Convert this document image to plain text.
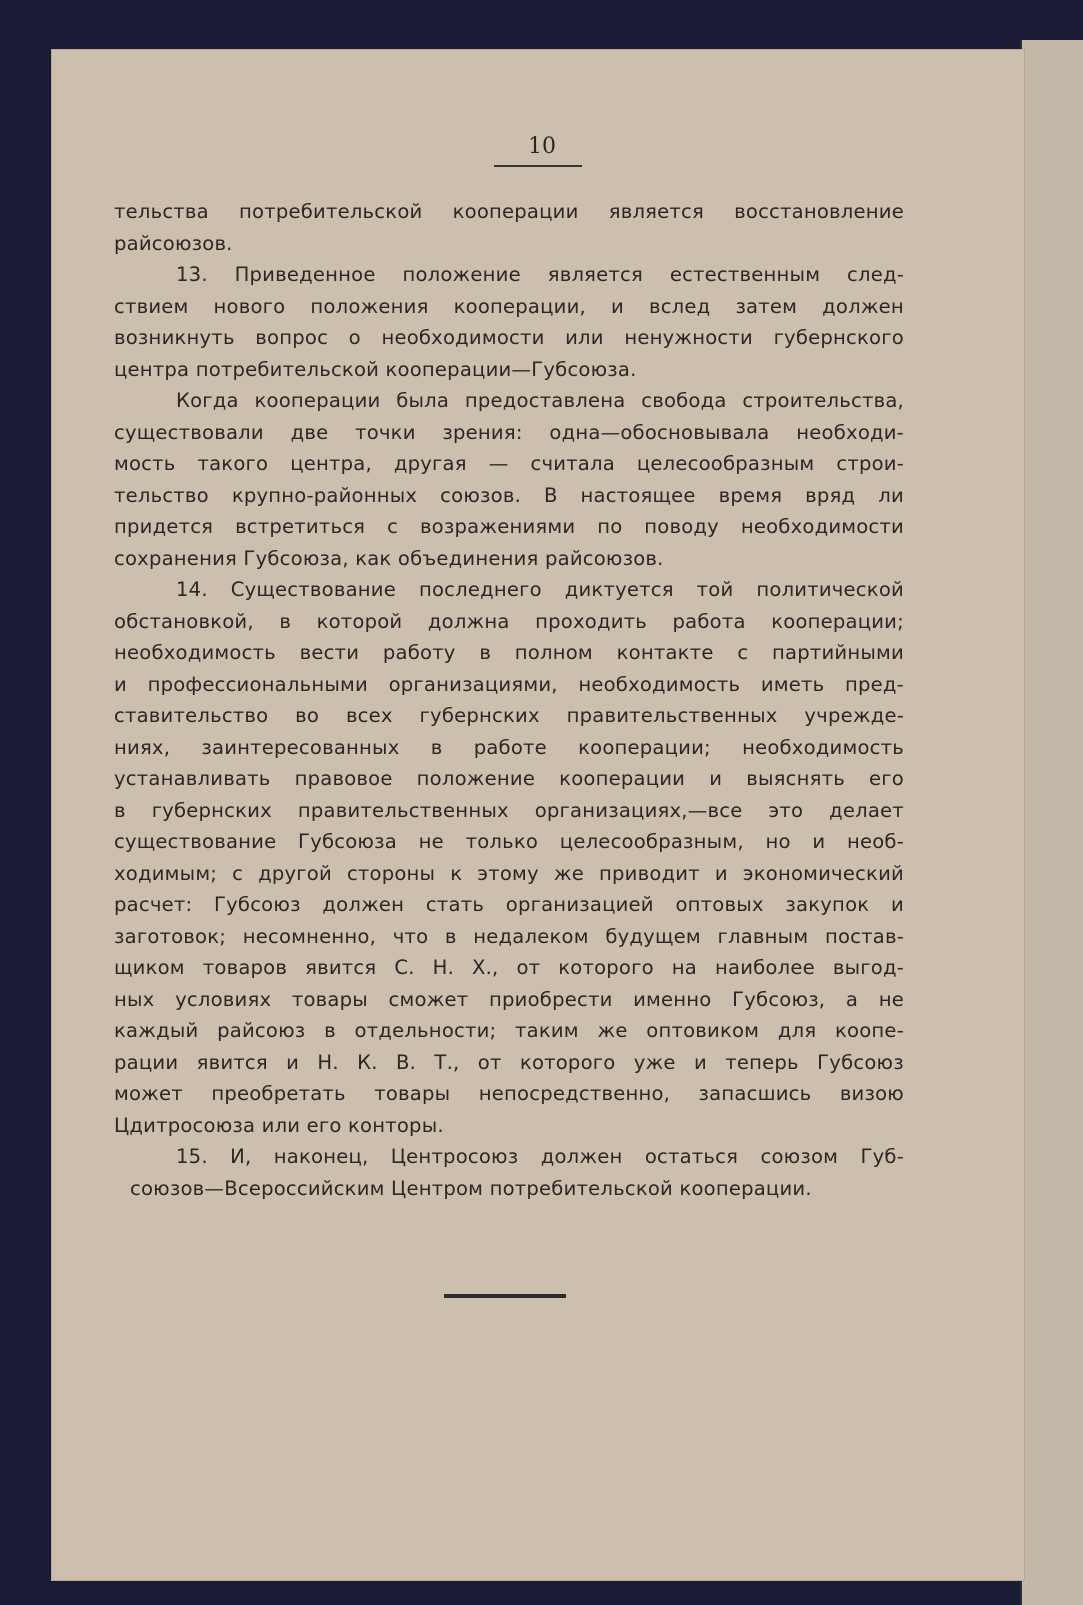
10
тельства потребительской кооперации является восстановление
райсоюзов.
13. Приведенное положение является естественным след-
ствием нового положения кооперации, и вслед затем должен
возникнуть вопрос о необходимости или ненужности губернского
центра потребительской кооперации—Губсоюза.
Когда кооперации была предоставлена свобода строительства,
существовали две точки зрения: одна—обосновывала необходи-
мость такого центра, другая — считала целесообразным строи-
тельство крупно-районных союзов. В настоящее время вряд ли
придется встретиться с возражениями по поводу необходимости
сохранения Губсоюза, как объединения райсоюзов.
14. Существование последнего диктуется той политической
обстановкой, в которой должна проходить работа кооперации;
необходимость вести работу в полном контакте с партийными
и профессиональными организациями, необходимость иметь пред-
ставительство во всех губернских правительственных учрежде-
ниях, заинтересованных в работе кооперации; необходимость
устанавливать правовое положение кооперации и выяснять его
в губернских правительственных организациях,—все это делает
существование Губсоюза не только целесообразным, но и необ-
ходимым; с другой стороны к этому же приводит и экономический
расчет: Губсоюз должен стать организацией оптовых закупок и
заготовок; несомненно, что в недалеком будущем главным постав-
щиком товаров явится С. Н. Х., от которого на наиболее выгод-
ных условиях товары сможет приобрести именно Губсоюз, а не
каждый райсоюз в отдельности; таким же оптовиком для коопе-
рации явится и Н. К. В. Т., от которого уже и теперь Губсоюз
может преобретать товары непосредственно, запасшись визою
Цдитросоюза или его конторы.
15. И, наконец, Центросоюз должен остаться союзом Губ-
союзов—Всероссийским Центром потребительской кооперации.
